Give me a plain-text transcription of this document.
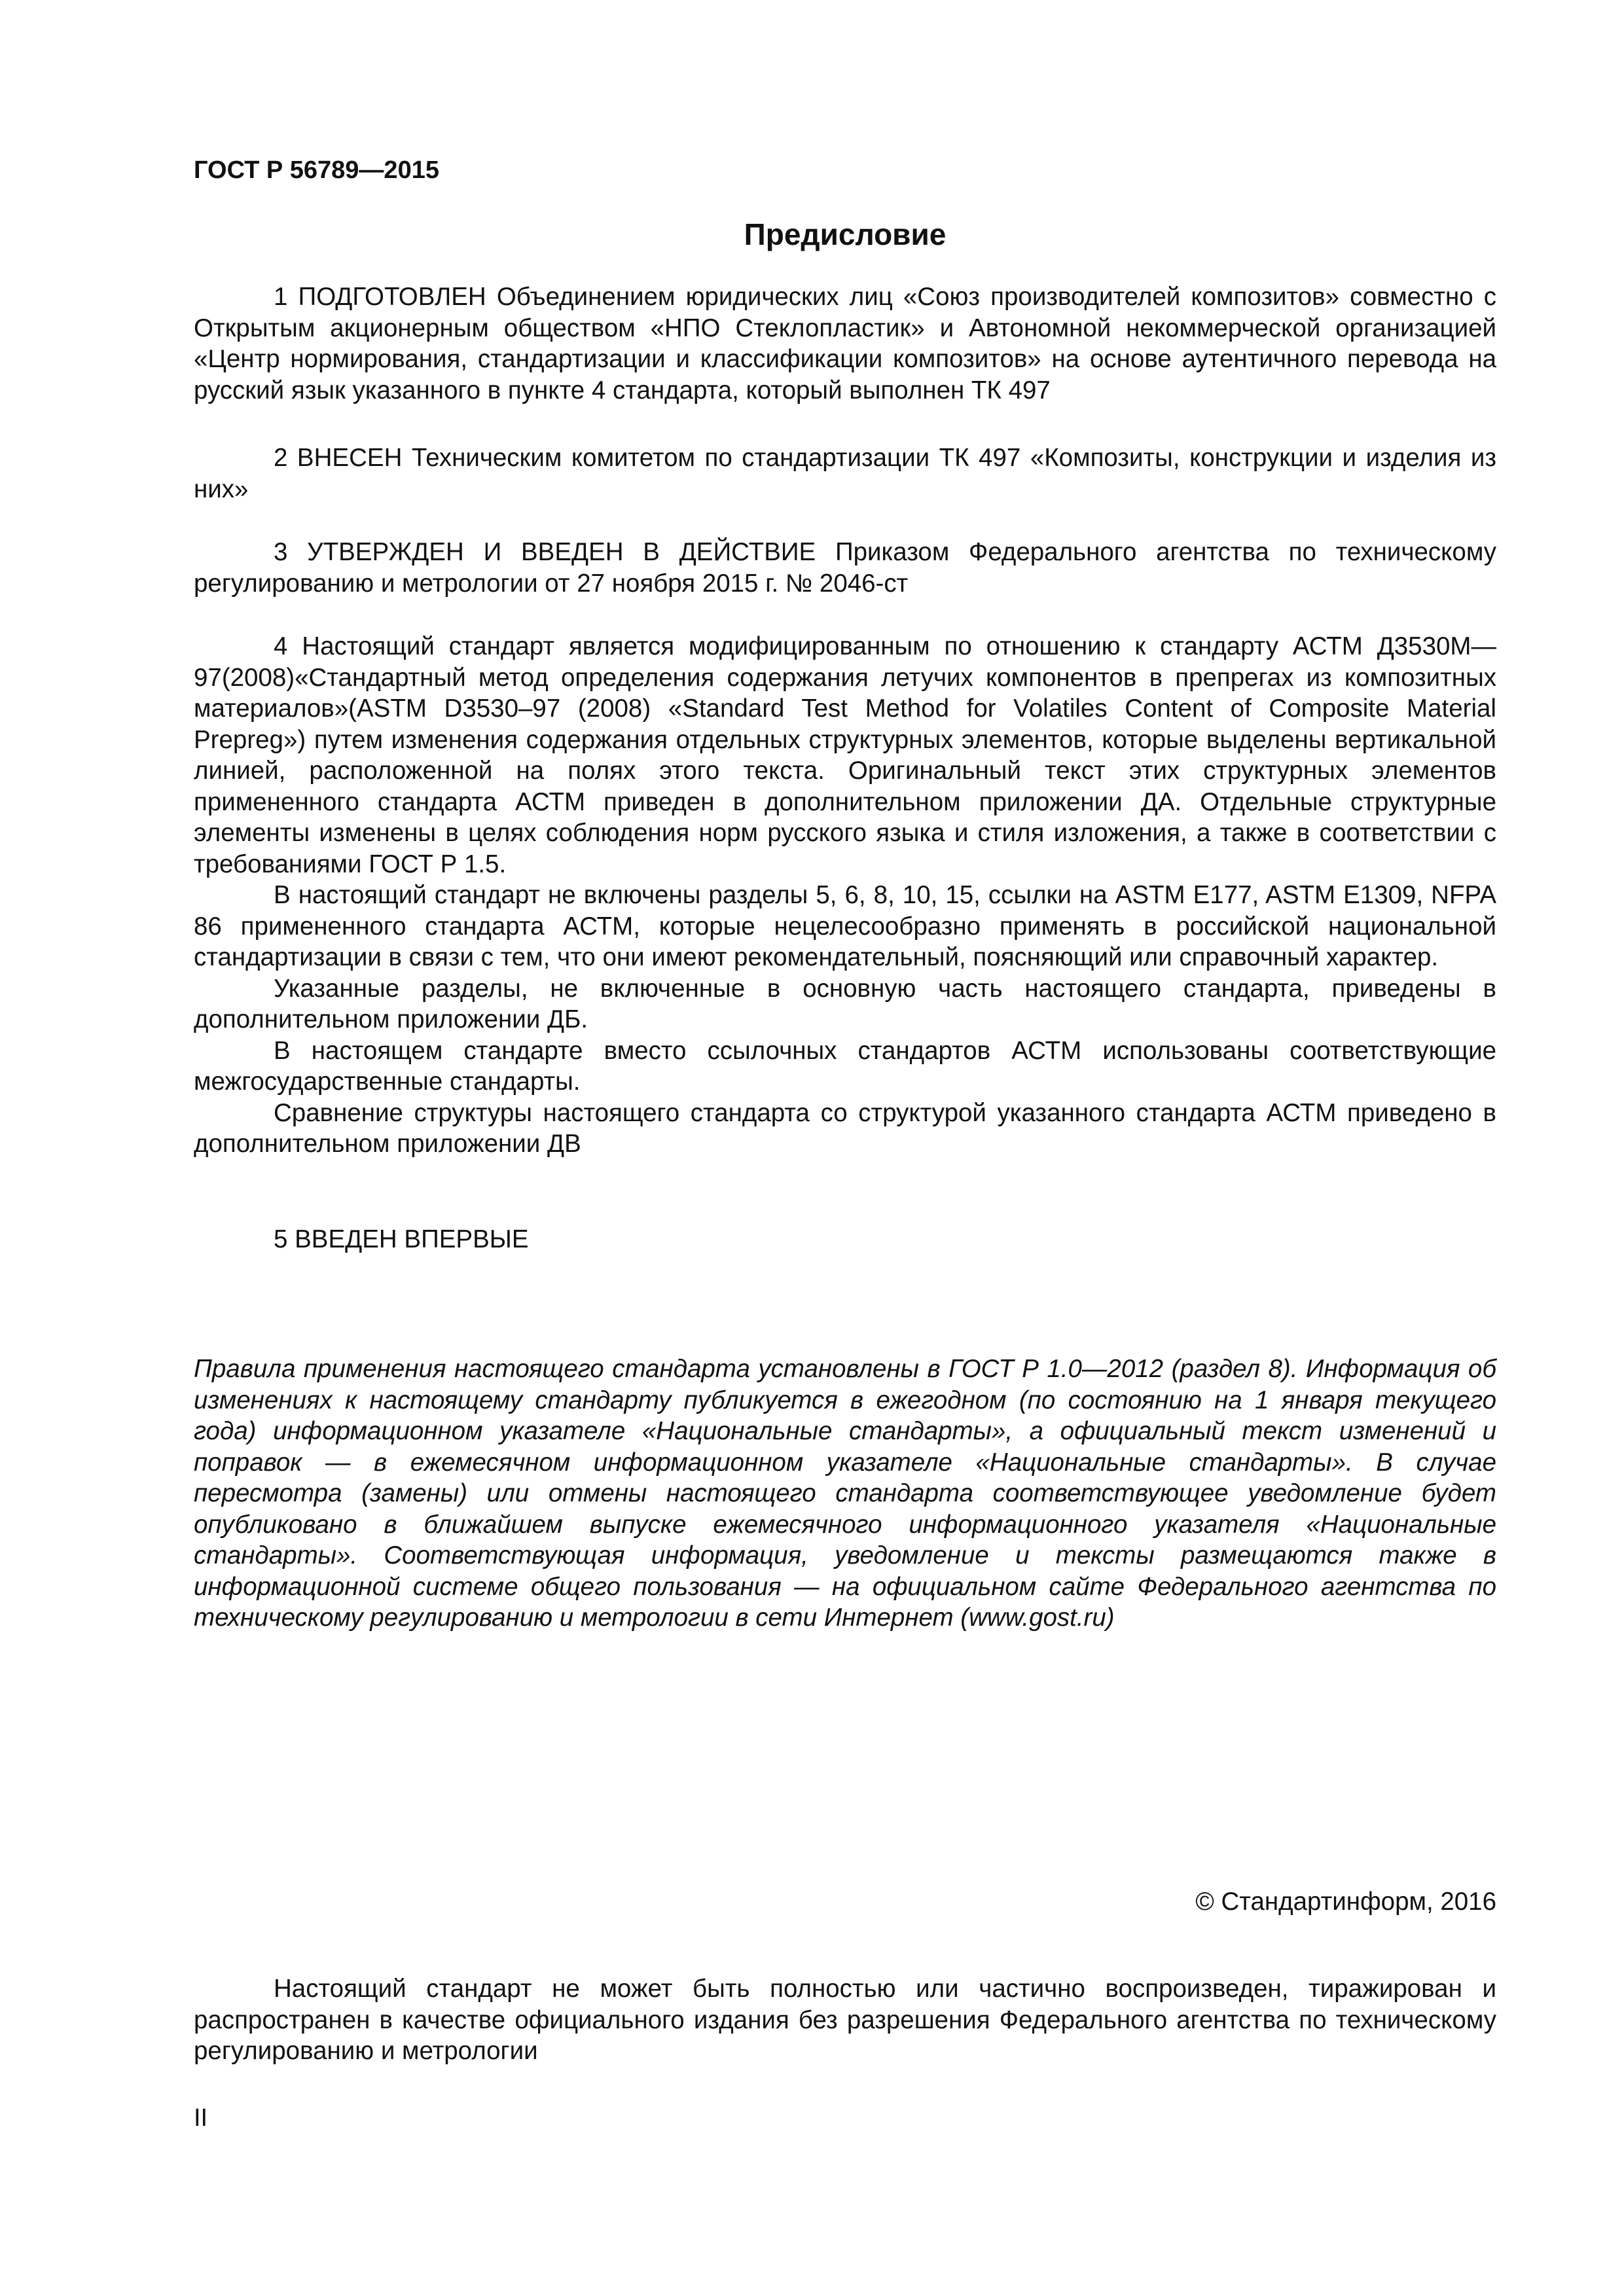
ГОСТ Р 56789—2015
Предисловие

1 ПОДГОТОВЛЕН Объединением юридических лиц «Союз производителей композитов» совместно с Открытым акционерным обществом «НПО Стеклопластик» и Автономной некоммерческой организацией «Центр нормирования, стандартизации и классификации композитов» на основе аутентичного перевода на русский язык указанного в пункте 4 стандарта, который выполнен ТК 497

2 ВНЕСЕН Техническим комитетом по стандартизации ТК 497 «Композиты, конструкции и изделия из них»

3 УТВЕРЖДЕН И ВВЕДЕН В ДЕЙСТВИЕ Приказом Федерального агентства по техническому регулированию и метрологии от 27 ноября 2015 г. № 2046-ст

4 Настоящий стандарт является модифицированным по отношению к стандарту АСТМ Д3530М—97(2008)«Стандартный метод определения содержания летучих компонентов в препрегах из композитных материалов»(ASTM D3530–97 (2008) «Standard Test Method for Volatiles Content of Composite Material Prepreg») путем изменения содержания отдельных структурных элементов, которые выделены вертикальной линией, расположенной на полях этого текста. Оригинальный текст этих структурных элементов примененного стандарта АСТМ приведен в дополнительном приложении ДА. Отдельные структурные элементы изменены в целях соблюдения норм русского языка и стиля изложения, а также в соответствии с требованиями ГОСТ Р 1.5.

В настоящий стандарт не включены разделы 5, 6, 8, 10, 15, ссылки на ASTM E177, ASTM E1309, NFPA 86 примененного стандарта АСТМ, которые нецелесообразно применять в российской национальной стандартизации в связи с тем, что они имеют рекомендательный, поясняющий или справочный характер.

Указанные разделы, не включенные в основную часть настоящего стандарта, приведены в дополнительном приложении ДБ.

В настоящем стандарте вместо ссылочных стандартов АСТМ использованы соответствующие межгосударственные стандарты.

Сравнение структуры настоящего стандарта со структурой указанного стандарта АСТМ приведено в дополнительном приложении ДВ

5 ВВЕДЕН ВПЕРВЫЕ

Правила применения настоящего стандарта установлены в ГОСТ Р 1.0—2012 (раздел 8). Информация об изменениях к настоящему стандарту публикуется в ежегодном (по состоянию на 1 января текущего года) информационном указателе «Национальные стандарты», а официальный текст изменений и поправок — в ежемесячном информационном указателе «Национальные стандарты». В случае пересмотра (замены) или отмены настоящего стандарта соответствующее уведомление будет опубликовано в ближайшем выпуске ежемесячного информационного указателя «Национальные стандарты». Соответствующая информация, уведомление и тексты размещаются также в информационной системе общего пользования — на официальном сайте Федерального агентства по техническому регулированию и метрологии в сети Интернет (www.gost.ru)

© Стандартинформ, 2016

Настоящий стандарт не может быть полностью или частично воспроизведен, тиражирован и распространен в качестве официального издания без разрешения Федерального агентства по техническому регулированию и метрологии

II
